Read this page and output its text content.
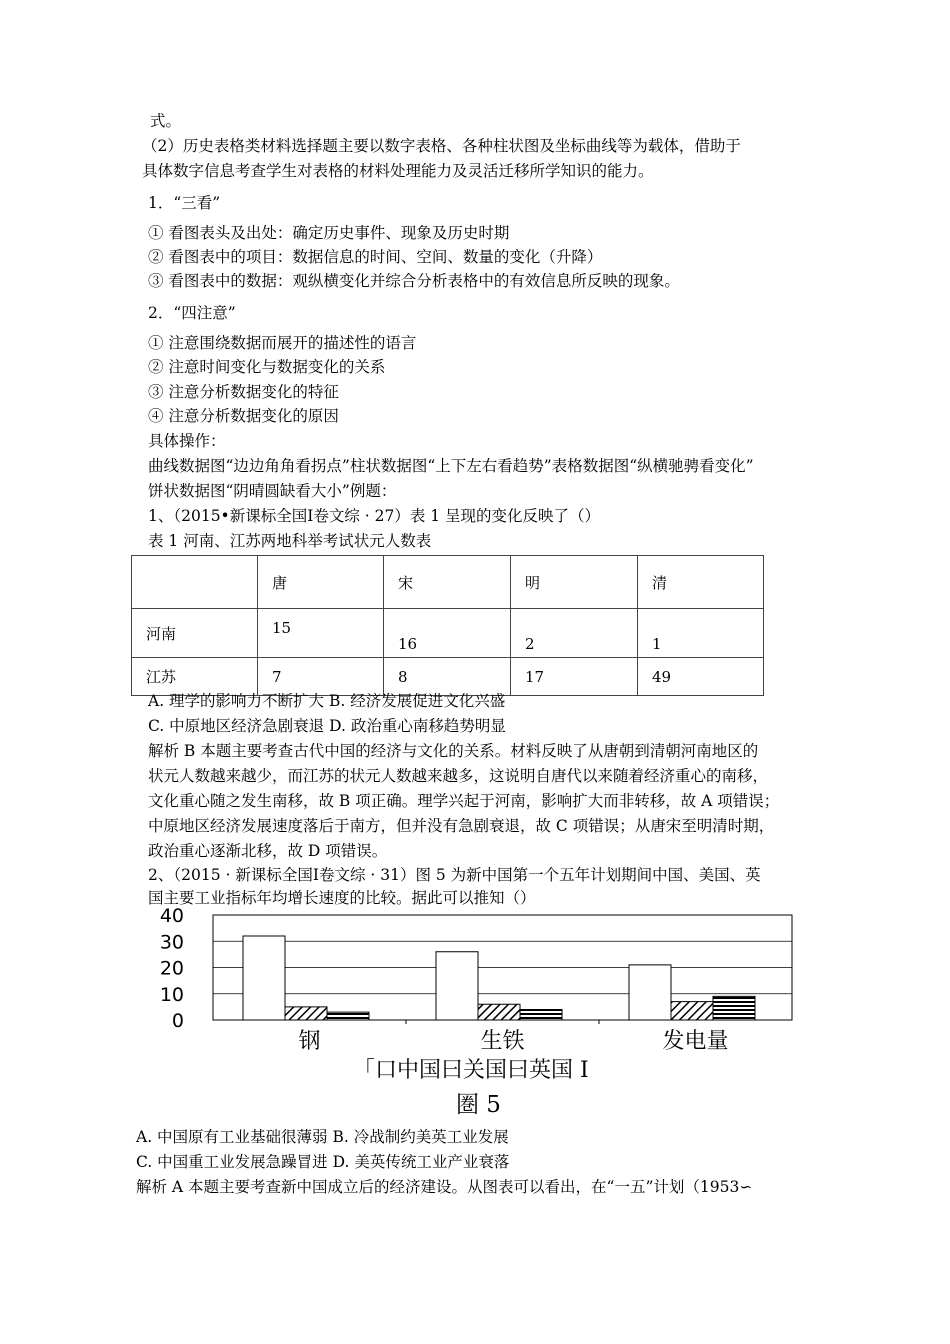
式。
（2）历史表格类材料选择题主要以数字表格、各种柱状图及坐标曲线等为载体，借助于
具体数字信息考查学生对表格的材料处理能力及灵活迁移所学知识的能力。
1．“三看”
① 看图表头及出处：确定历史事件、现象及历史时期
② 看图表中的项目：数据信息的时间、空间、数量的变化（升降）
③ 看图表中的数据：观纵横变化并综合分析表格中的有效信息所反映的现象。
2．“四注意”
① 注意围绕数据而展开的描述性的语言
② 注意时间变化与数据变化的关系
③ 注意分析数据变化的特征
④ 注意分析数据变化的原因
具体操作：
曲线数据图“边边角角看拐点”柱状数据图“上下左右看趋势”表格数据图“纵横驰骋看变化”
饼状数据图“阴晴圆缺看大小”例题：
1、（2015•新课标全国Ⅰ卷文综 · 27）表 1 呈现的变化反映了（）
表 1 河南、江苏两地科举考试状元人数表
	唐	宋	明	清
河南	15	16	2	1
江苏	7	8	17	49
A. 理学的影响力不断扩大 B. 经济发展促进文化兴盛
C. 中原地区经济急剧衰退 D. 政治重心南移趋势明显
解析 B 本题主要考查古代中国的经济与文化的关系。材料反映了从唐朝到清朝河南地区的
状元人数越来越少，而江苏的状元人数越来越多，这说明自唐代以来随着经济重心的南移，
文化重心随之发生南移，故 B 项正确。理学兴起于河南，影响扩大而非转移，故 A 项错误；
中原地区经济发展速度落后于南方，但并没有急剧衰退，故 C 项错误；从唐宋至明清时期，
政治重心逐渐北移，故 D 项错误。
2、（2015 · 新课标全国Ⅰ卷文综 · 31）图 5 为新中国第一个五年计划期间中国、美国、英
国主要工业指标年均增长速度的比较。据此可以推知（）
0
10
20
30
40
钢	生铁	发电量
「口中国曰关国曰英国 I
圏 5
A. 中国原有工业基础很薄弱 B. 冷战制约美英工业发展
C. 中国重工业发展急躁冒进 D. 美英传统工业产业衰落
解析 A 本题主要考查新中国成立后的经济建设。从图表可以看出，在“一五”计划（1953∽
